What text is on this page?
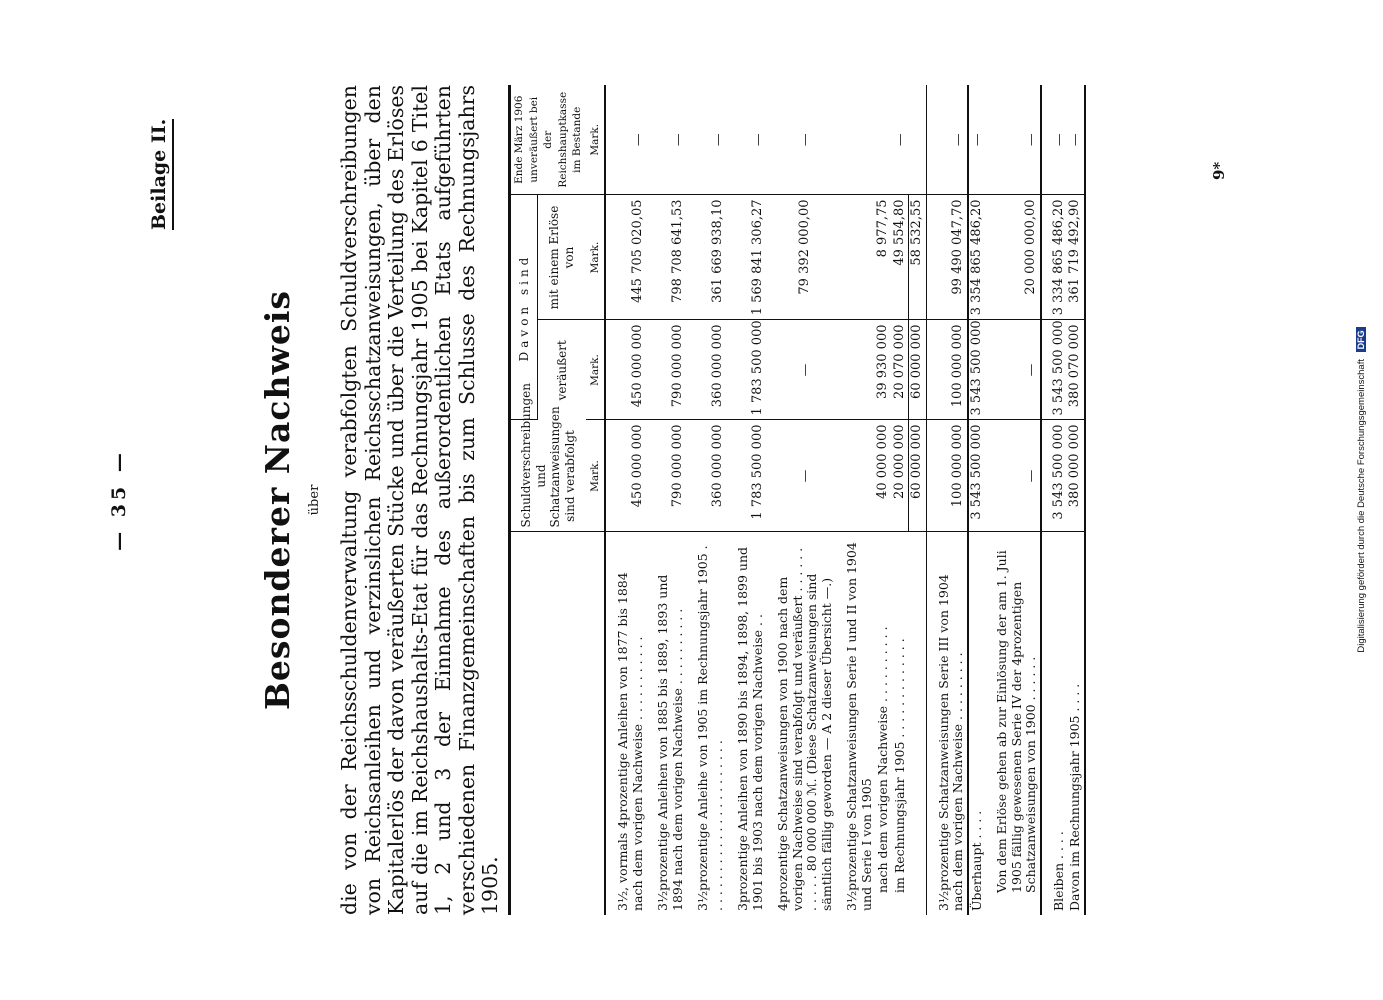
— 35 —
Beilage II.
Besonderer Nachweis über die von der Reichsschuldenverwaltung verabfolgten Schuldverschreibungen von Reichsanleihen und verzinslichen Reichsschatzanweisungen, über den Kapitalerlös der davon veräußerten Stücke und über die Verteilung des Erlöses auf die im Reichshaushalts-Etat für das Rechnungsjahr 1905 bei Kapitel 6 Titel 1, 2 und 3 der Einnahme des außerordentlichen Etats aufgeführten verschiedenen Finanzgemeinschaften bis zum Schlusse des Rechnungsjahrs 1905.
	Schuldverschreibungen und Schatzanweisungen sind verabfolgt	Davon sind		Ende März 1906 unveräußert bei der Reichshauptkasse im Bestande
		veräußert	mit einem Erlöse von	
	Mark.	Mark.	Mark.	Mark.
3½, vormals 4prozentige Anleihen von 1877 bis 1884 nach dem vorigen Nachweise . . . . . . . . . . .	450 000 000	450 000 000	445 705 020,05	—
3½prozentige Anleihen von 1885 bis 1889, 1893 und 1894 nach dem vorigen Nachweise . . . . . . . . . .	790 000 000	790 000 000	798 708 641,53	—
3½prozentige Anleihe von 1905 im Rechnungsjahr 1905 . . . . . . . . . . . . . . . . . . . . . . .	360 000 000	360 000 000	361 669 938,10	—
3prozentige Anleihen von 1890 bis 1894, 1898, 1899 und 1901 bis 1903 nach dem vorigen Nachweise . .	1 783 500 000	1 783 500 000	1 569 841 306,27	—
4prozentige Schatzanweisungen von 1900 nach dem vorigen Nachweise sind verabfolgt und veräußert . . . . . . . . . . . 80 000 000 ℳ. (Diese Schatzanweisungen sind sämtlich fällig geworden — A 2 dieser Übersicht —.)	—	—	79 392 000,00	—
3½prozentige Schatzanweisungen Serie I und II von 1904 und Serie I von 1905				
nach dem vorigen Nachweise . . . . . . . . . .	40 000 000	39 930 000	8 977,75	
im Rechnungsjahr 1905 . . . . . . . . . . . . .	20 000 000	20 070 000	49 554,80	—
	60 000 000	60 000 000	58 532,55	
3½prozentige Schatzanweisungen Serie III von 1904 nach dem vorigen Nachweise . . . . . . . . .	100 000 000	100 000 000	99 490 047,70	—
Überhaupt . . . .	3 543 500 000	3 543 500 000	3 354 865 486,20	—
Von dem Erlöse gehen ab zur Einlösung der am 1. Juli 1905 fällig gewesenen Serie IV der 4prozentigen Schatzanweisungen von 1900 . . . . . .	—	—	20 000 000,00	—
Bleiben . . . .	3 543 500 000	3 543 500 000	3 334 865 486,20	—
Davon im Rechnungsjahr 1905 . . . .	380 000 000	380 070 000	361 719 492,90	—
9*
Digitalisierung gefördert durch die Deutsche Forschungsgemeinschaft DFG
